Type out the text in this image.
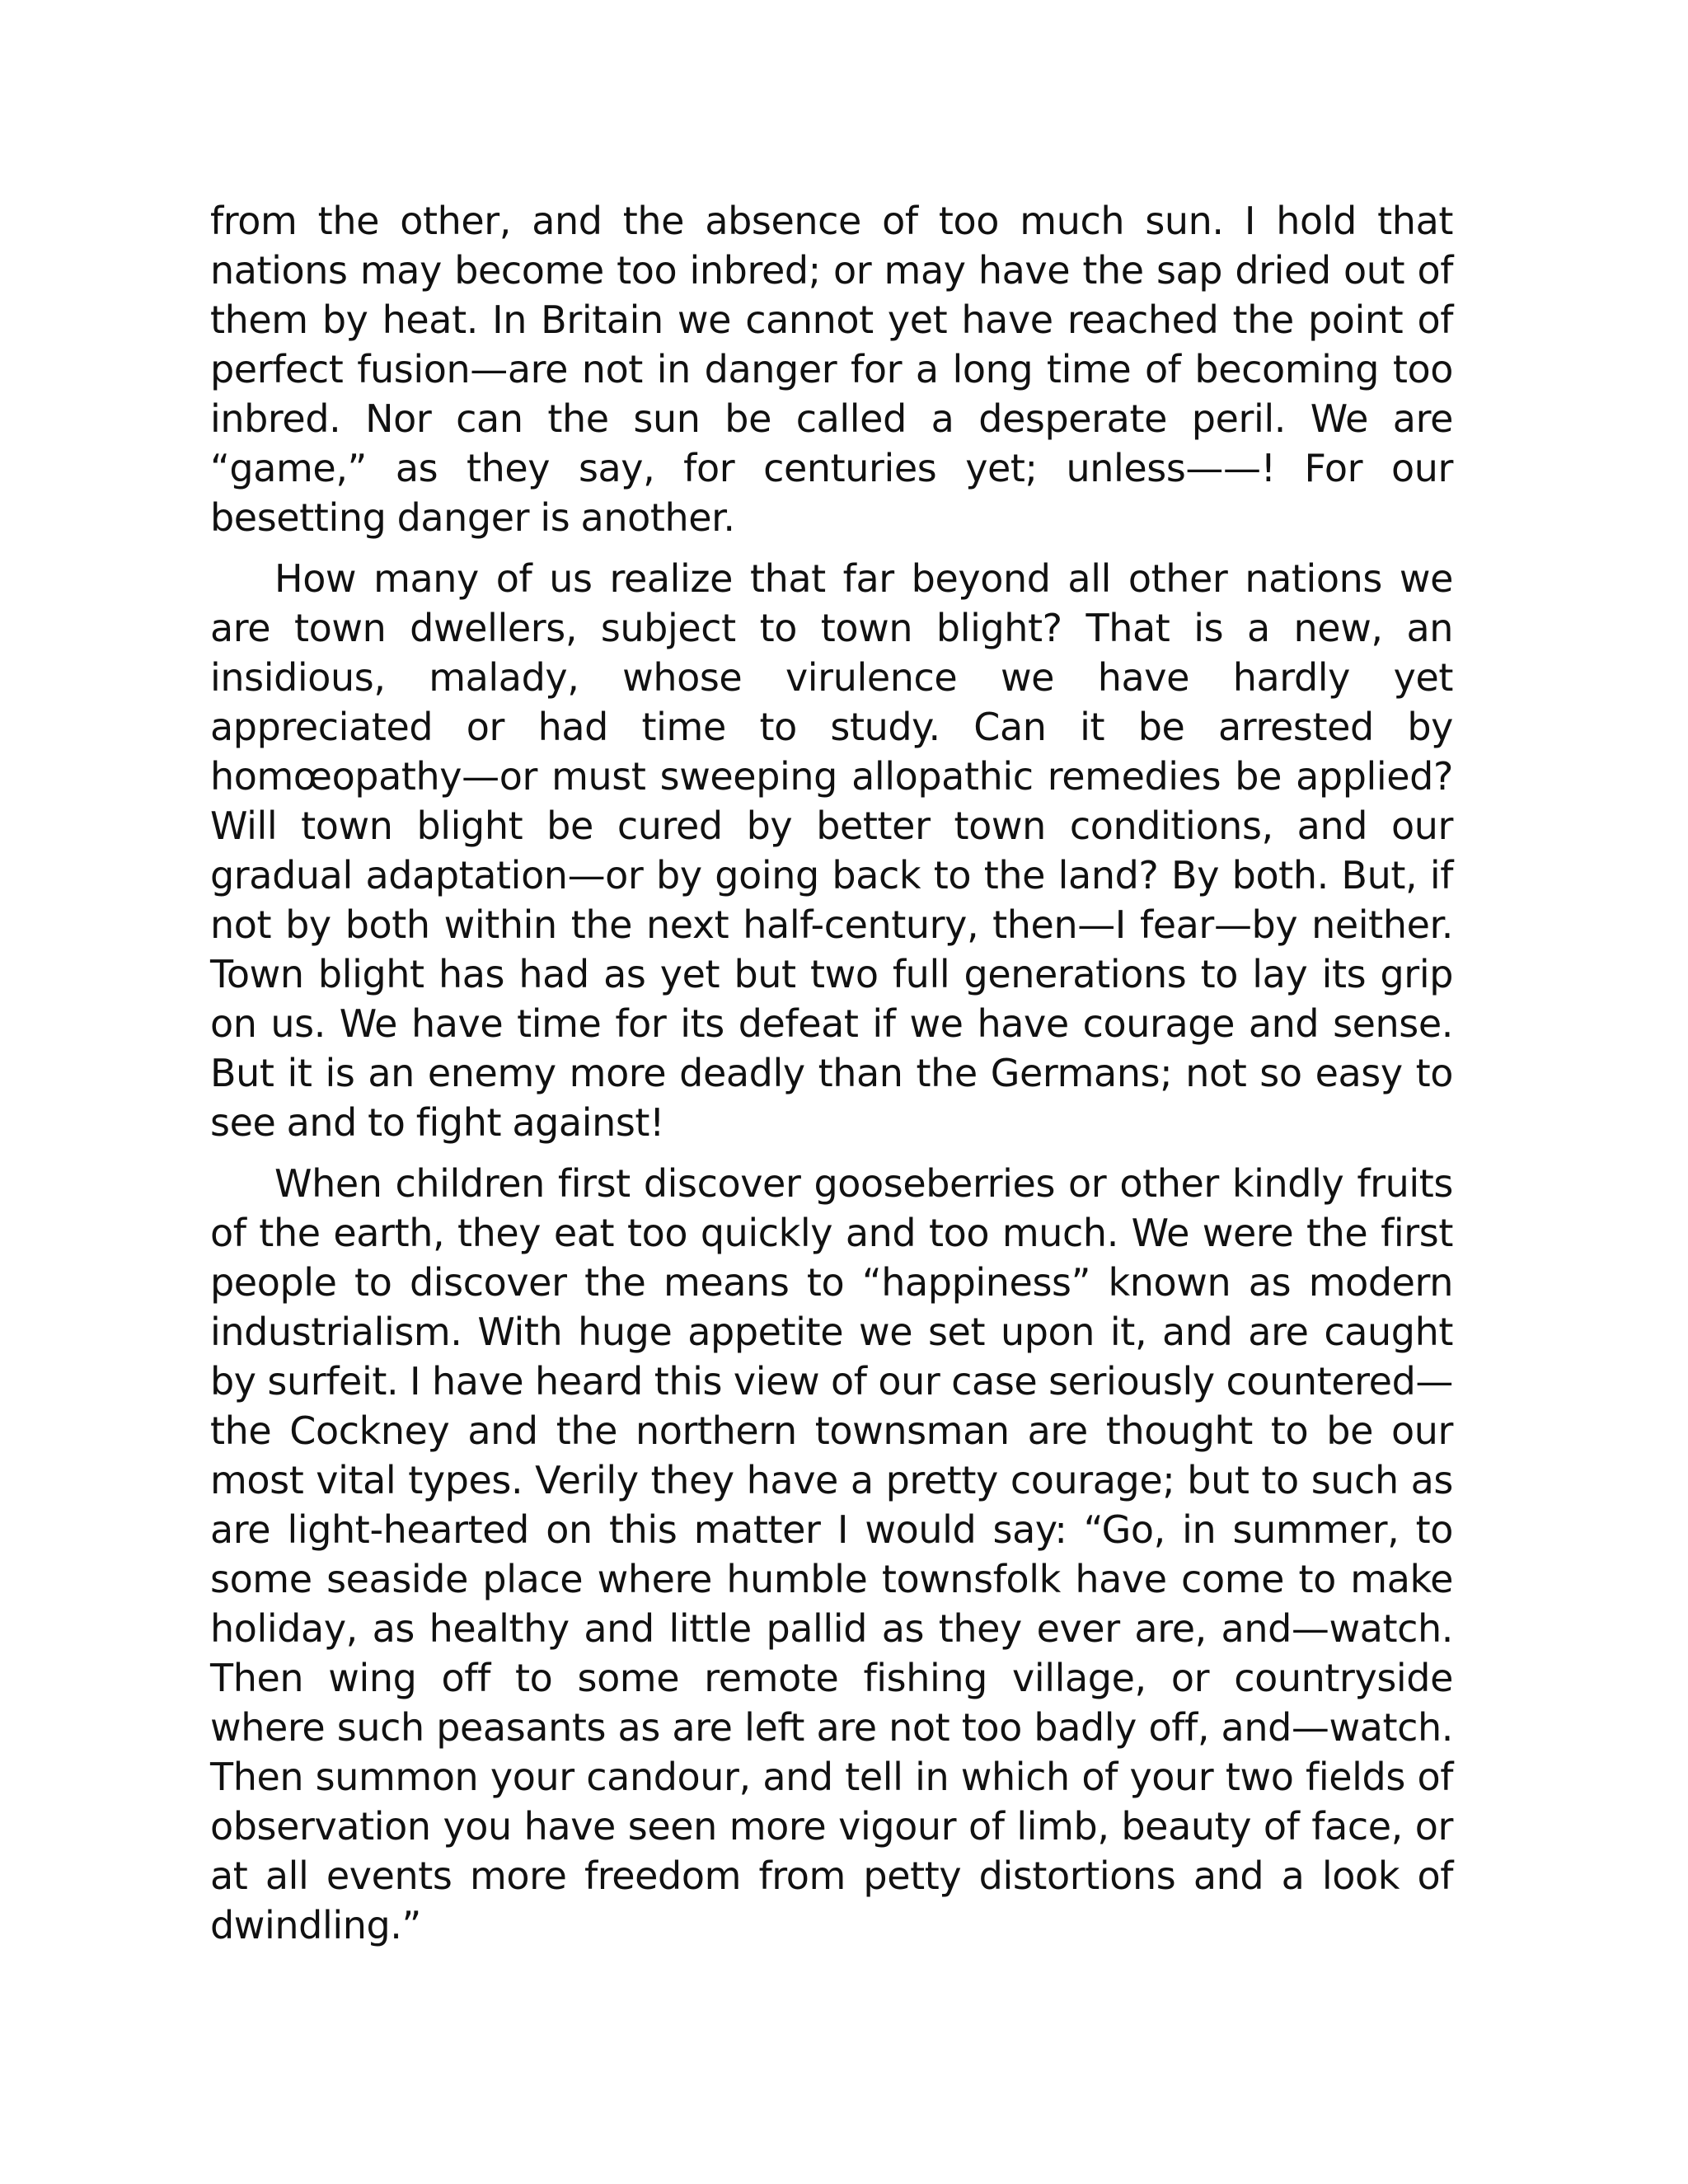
from the other, and the absence of too much sun. I hold that nations may become too inbred; or may have the sap dried out of them by heat. In Britain we cannot yet have reached the point of perfect fusion—are not in danger for a long time of becoming too inbred. Nor can the sun be called a desperate peril. We are “game,” as they say, for centuries yet; unless——! For our besetting danger is another.

How many of us realize that far beyond all other nations we are town dwellers, subject to town blight? That is a new, an insidious, malady, whose virulence we have hardly yet appreciated or had time to study. Can it be arrested by homœopathy—or must sweeping allopathic remedies be applied? Will town blight be cured by better town conditions, and our gradual adaptation—or by going back to the land? By both. But, if not by both within the next half-century, then—I fear—by neither. Town blight has had as yet but two full generations to lay its grip on us. We have time for its defeat if we have courage and sense. But it is an enemy more deadly than the Germans; not so easy to see and to fight against!

When children first discover gooseberries or other kindly fruits of the earth, they eat too quickly and too much. We were the first people to discover the means to “happiness” known as modern industrialism. With huge appetite we set upon it, and are caught by surfeit. I have heard this view of our case seriously countered—the Cockney and the northern townsman are thought to be our most vital types. Verily they have a pretty courage; but to such as are light-hearted on this matter I would say: “Go, in summer, to some seaside place where humble townsfolk have come to make holiday, as healthy and little pallid as they ever are, and—watch. Then wing off to some remote fishing village, or countryside where such peasants as are left are not too badly off, and—watch. Then summon your candour, and tell in which of your two fields of observation you have seen more vigour of limb, beauty of face, or at all events more freedom from petty distortions and a look of dwindling.”
